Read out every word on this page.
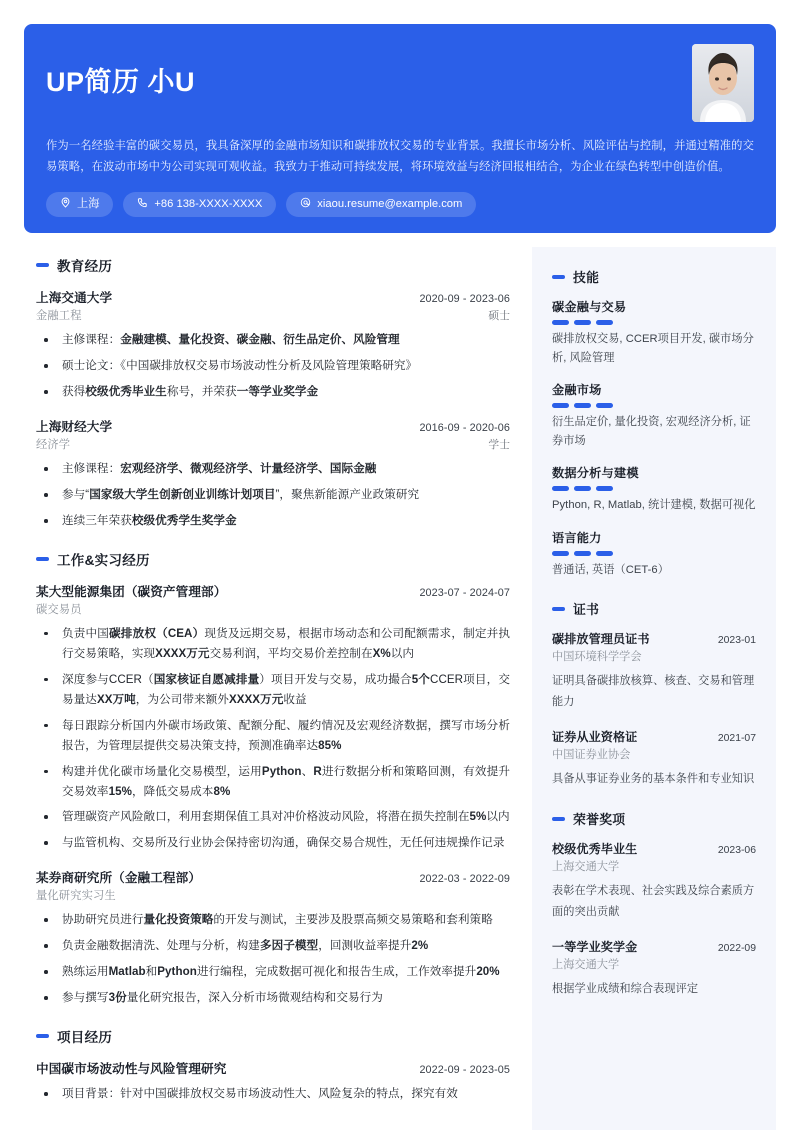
UP简历 小U
作为一名经验丰富的碳交易员，我具备深厚的金融市场知识和碳排放权交易的专业背景。我擅长市场分析、风险评估与控制，并通过精准的交易策略，在波动市场中为公司实现可观收益。我致力于推动可持续发展，将环境效益与经济回报相结合，为企业在绿色转型中创造价值。
上海	+86 138-XXXX-XXXX	xiaou.resume@example.com
教育经历
上海交通大学	2020-09 - 2023-06
金融工程	硕士
主修课程：金融建模、量化投资、碳金融、衍生品定价、风险管理
硕士论文：《中国碳排放权交易市场波动性分析及风险管理策略研究》
获得校级优秀毕业生称号，并荣获一等学业奖学金
上海财经大学	2016-09 - 2020-06
经济学	学士
主修课程：宏观经济学、微观经济学、计量经济学、国际金融
参与“国家级大学生创新创业训练计划项目”，聚焦新能源产业政策研究
连续三年荣获校级优秀学生奖学金
工作&实习经历
某大型能源集团（碳资产管理部）	2023-07 - 2024-07
碳交易员
负责中国碳排放权（CEA）现货及远期交易，根据市场动态和公司配额需求，制定并执行交易策略，实现XXXX万元交易利润，平均交易价差控制在X%以内
深度参与CCER（国家核证自愿减排量）项目开发与交易，成功撮合5个CCER项目，交易量达XX万吨，为公司带来额外XXXX万元收益
每日跟踪分析国内外碳市场政策、配额分配、履约情况及宏观经济数据，撰写市场分析报告，为管理层提供交易决策支持，预测准确率达85%
构建并优化碳市场量化交易模型，运用Python、R进行数据分析和策略回测，有效提升交易效率15%，降低交易成本8%
管理碳资产风险敞口，利用套期保值工具对冲价格波动风险，将潜在损失控制在5%以内
与监管机构、交易所及行业协会保持密切沟通，确保交易合规性，无任何违规操作记录
某券商研究所（金融工程部）	2022-03 - 2022-09
量化研究实习生
协助研究员进行量化投资策略的开发与测试，主要涉及股票高频交易策略和套利策略
负责金融数据清洗、处理与分析，构建多因子模型，回测收益率提升2%
熟练运用Matlab和Python进行编程，完成数据可视化和报告生成，工作效率提升20%
参与撰写3份量化研究报告，深入分析市场微观结构和交易行为
项目经历
中国碳市场波动性与风险管理研究	2022-09 - 2023-05
项目背景：针对中国碳排放权交易市场波动性大、风险复杂的特点，探究有效
技能
碳金融与交易
碳排放权交易, CCER项目开发, 碳市场分析, 风险管理
金融市场
衍生品定价, 量化投资, 宏观经济分析, 证券市场
数据分析与建模
Python, R, Matlab, 统计建模, 数据可视化
语言能力
普通话, 英语（CET-6）
证书
碳排放管理员证书	2023-01
中国环境科学学会
证明具备碳排放核算、核查、交易和管理能力
证券从业资格证	2021-07
中国证券业协会
具备从事证券业务的基本条件和专业知识
荣誉奖项
校级优秀毕业生	2023-06
上海交通大学
表彰在学术表现、社会实践及综合素质方面的突出贡献
一等学业奖学金	2022-09
上海交通大学
根据学业成绩和综合表现评定
